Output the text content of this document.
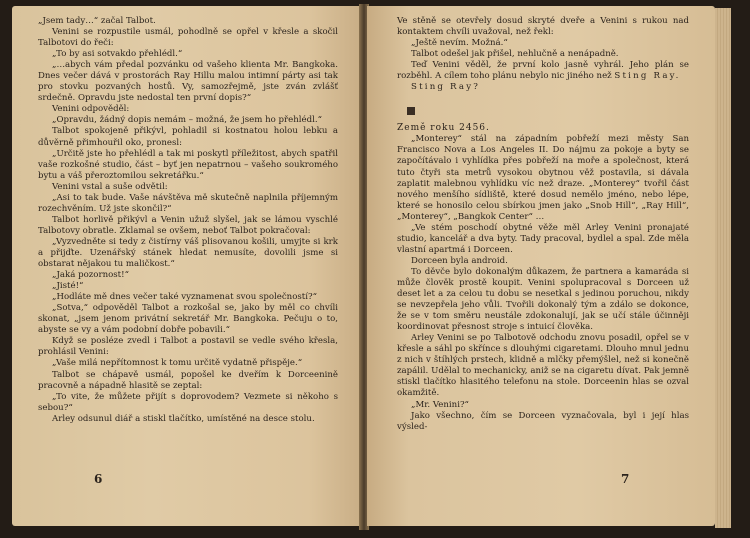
„Jsem tady…“ začal Talbot.

Venini se rozpustile usmál, pohodlně se opřel v křesle a skočil Talbotovi do řeči:

„To by asi sotvakdo přehlédl.“

„…abych vám předal pozvánku od vašeho klienta Mr. Bangkoka. Dnes večer dává v prostorách Ray Hillu malou intimní párty asi tak pro stovku pozvaných hostů. Vy, samozřejmě, jste zván zvlášť srdečně. Opravdu jste nedostal ten první dopis?“

Venini odpověděl:

„Opravdu, žádný dopis nemám – možná, že jsem ho přehlédl.“

Talbot spokojeně přikývl, pohladil si kostnatou holou lebku a důvěrně přimhouřil oko, pronesl:

„Určitě jste ho přehlédl a tak mi poskytl příležitost, abych spatřil vaše rozkošné studio, část – byť jen nepatrnou – vašeho soukromého bytu a váš přeroztomilou sekretářku.“

Venini vstal a suše odvětil:

„Asi to tak bude. Vaše návštěva mě skutečně naplnila příjemným rozechvěním. Už jste skončil?“

Talbot horlivě přikývl a Venin užuž slyšel, jak se lámou vyschlé Talbotovy obratle. Zklamal se ovšem, neboť Talbot pokračoval:

„Vyzvedněte si tedy z čistírny váš plisovanou košili, umyjte si krk a přijďte. Uzenářský stánek hledat nemusíte, dovolili jsme si obstarat nějakou tu maličkost.“

„Jaká pozornost!“

„Jisté!“

„Hodláte mě dnes večer také vyznamenat svou společností?“

„Sotva,“ odpověděl Talbot a rozkošal se, jako by měl co chvíli skonat, „jsem jenom privátní sekretář Mr. Bangkoka. Pečuju o to, abyste se vy a vám podobní dobře pobavili.“

Když se posléze zvedl i Talbot a postavil se vedle svého křesla, prohlásil Venini:

„Vaše milá nepřítomnost k tomu určitě vydatně přispěje.“

Talbot se chápavě usmál, popošel ke dveřím k Dorceenině pracovně a nápadně hlasitě se zeptal:

„To vite, že můžete přijít s doprovodem? Vezmete si někoho s sebou?“

Arley odsunul diář a stiskl tlačítko, umístěné na desce stolu.

6

Ve stěně se otevřely dosud skryté dveře a Venini s rukou nad kontaktem chvíli uvažoval, než řekl:

„Ještě nevím. Možná.“

Talbot odešel jak přišel, nehlučně a nenápadně.

Teď Venini věděl, že první kolo jasně vyhrál. Jeho plán se rozběhl. A cílem toho plánu nebylo nic jiného než Sting Ray.

Sting Ray?

Země roku 2456.

„Monterey“ stál na západním pobřeží mezi městy San Francisco Nova a Los Angeles II. Do nájmu za pokoje a byty se započítávalo i vyhlídka přes pobřeží na moře a společnost, která tuto čtyři sta metrů vysokou obytnou věž postavila, si dávala zaplatit malebnou vyhlídku víc než draze. „Monterey“ tvořil část nového menšího sídliště, které dosud nemělo jméno, nebo lépe, které se honosilo celou sbírkou jmen jako „Snob Hill“, „Ray Hill“, „Monterey“, „Bangkok Center“ …

„Ve stém poschodí obytné věže měl Arley Venini pronajaté studio, kancelář a dva byty. Tady pracoval, bydlel a spal. Zde měla vlastní apartmá i Dorceen.

Dorceen byla android.

To děvče bylo dokonalým důkazem, že partnera a kamaráda si může člověk prostě koupit. Venini spolupracoval s Dorceen už deset let a za celou tu dobu se nesetkal s jedinou poruchou, nikdy se nevzepřela jeho vůli. Tvořili dokonalý tým a zdálo se dokonce, že se v tom směru neustále zdokonalují, jak se učí stále účinněji koordinovat přesnost stroje s intuicí člověka.

Arley Venini se po Talbotově odchodu znovu posadil, opřel se v křesle a sáhl po skřínce s dlouhými cigaretami. Dlouho mnul jednu z nich v štíhlých prstech, klidně a mlčky přemýšlel, než si konečně zapálil. Udělal to mechanicky, aniž se na cigaretu dívat. Pak jemně stiskl tlačítko hlasitého telefonu na stole. Dorceenin hlas se ozval okamžitě.

„Mr. Venini?“

Jako všechno, čím se Dorceen vyznačovala, byl i její hlas výsled-

7
